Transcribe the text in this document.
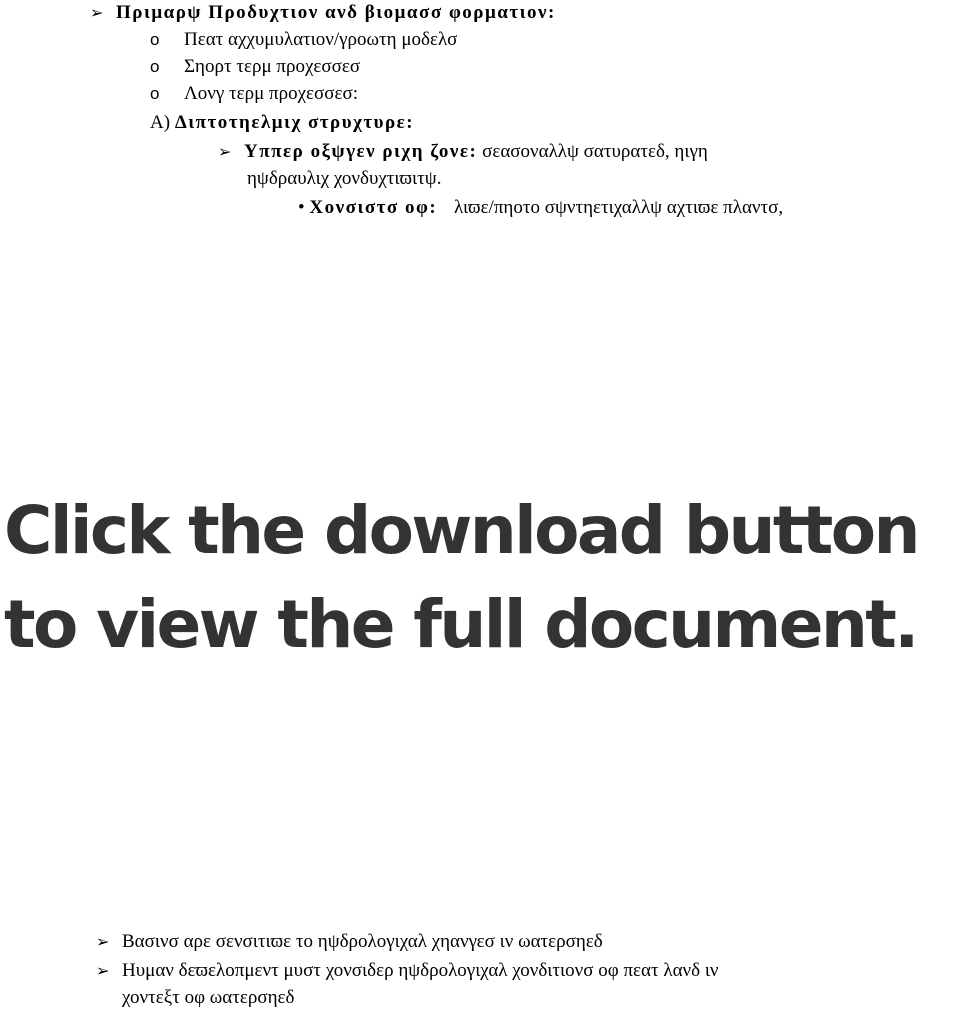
➢ Πριμαρψ Προδυχτιον ανδ βιομασσ φορματιον:
o Πεατ αχχυμυλατιον/γροωτη μοδελσ
o Σηορτ τερμ προχεσσεσ
o Λονγ τερμ προχεσσεσ:
A) Διπτοτηελμιχ στρυχτυρε:
➢ Υππερ οξψγεν ριχη ζονε: σεασοναλλψ σατυρατεδ, ηιγη
ηψδραυλιχ χονδυχτιϖιτψ.
• Χονσιστσ οφ: λιϖε/πηοτο σψντηετιχαλλψ αχτιϖε πλαντσ,
Click the download button
to view the full document.
➢ Βασινσ αρε σενσιτιϖε το ηψδρολογιχαλ χηανγεσ ιν ωατερσηεδ
➢ Ηυμαν δεϖελοπμεντ μυστ χονσιδερ ηψδρολογιχαλ χονδιτιονσ οφ πεατ λανδ ιν
χοντεξτ οφ ωατερσηεδ
